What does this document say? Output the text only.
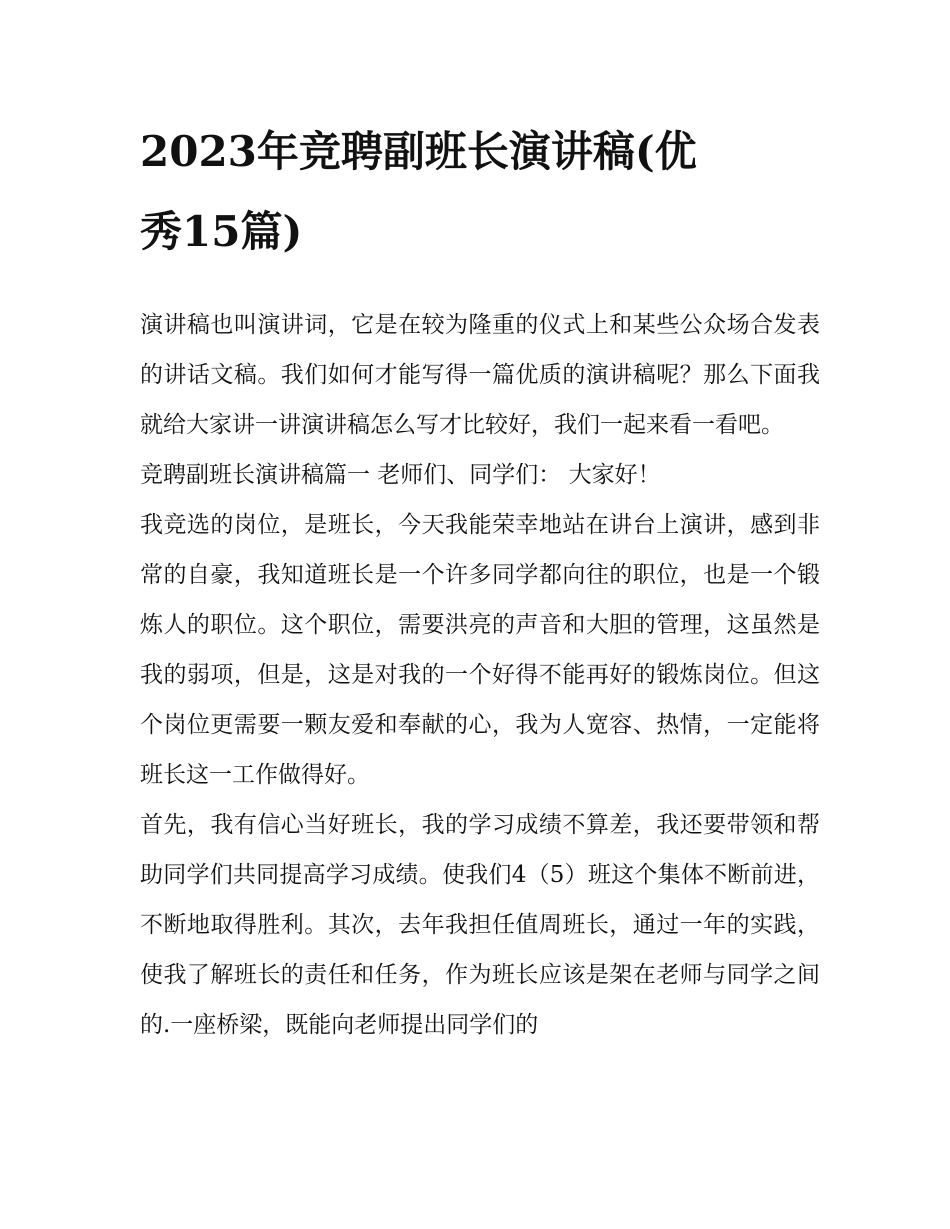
2023年竞聘副班长演讲稿(优
秀15篇)

演讲稿也叫演讲词，它是在较为隆重的仪式上和某些公众场合发表的讲话文稿。我们如何才能写得一篇优质的演讲稿呢？那么下面我就给大家讲一讲演讲稿怎么写才比较好，我们一起来看一看吧。

竞聘副班长演讲稿篇一 老师们、同学们： 大家好！

我竞选的岗位，是班长，今天我能荣幸地站在讲台上演讲，感到非常的自豪，我知道班长是一个许多同学都向往的职位，也是一个锻炼人的职位。这个职位，需要洪亮的声音和大胆的管理，这虽然是我的弱项，但是，这是对我的一个好得不能再好的锻炼岗位。但这个岗位更需要一颗友爱和奉献的心，我为人宽容、热情，一定能将班长这一工作做得好。

首先，我有信心当好班长，我的学习成绩不算差，我还要带领和帮助同学们共同提高学习成绩。使我们4（5）班这个集体不断前进，不断地取得胜利。其次，去年我担任值周班长，通过一年的实践，使我了解班长的责任和任务，作为班长应该是架在老师与同学之间的.一座桥梁，既能向老师提出同学们的
